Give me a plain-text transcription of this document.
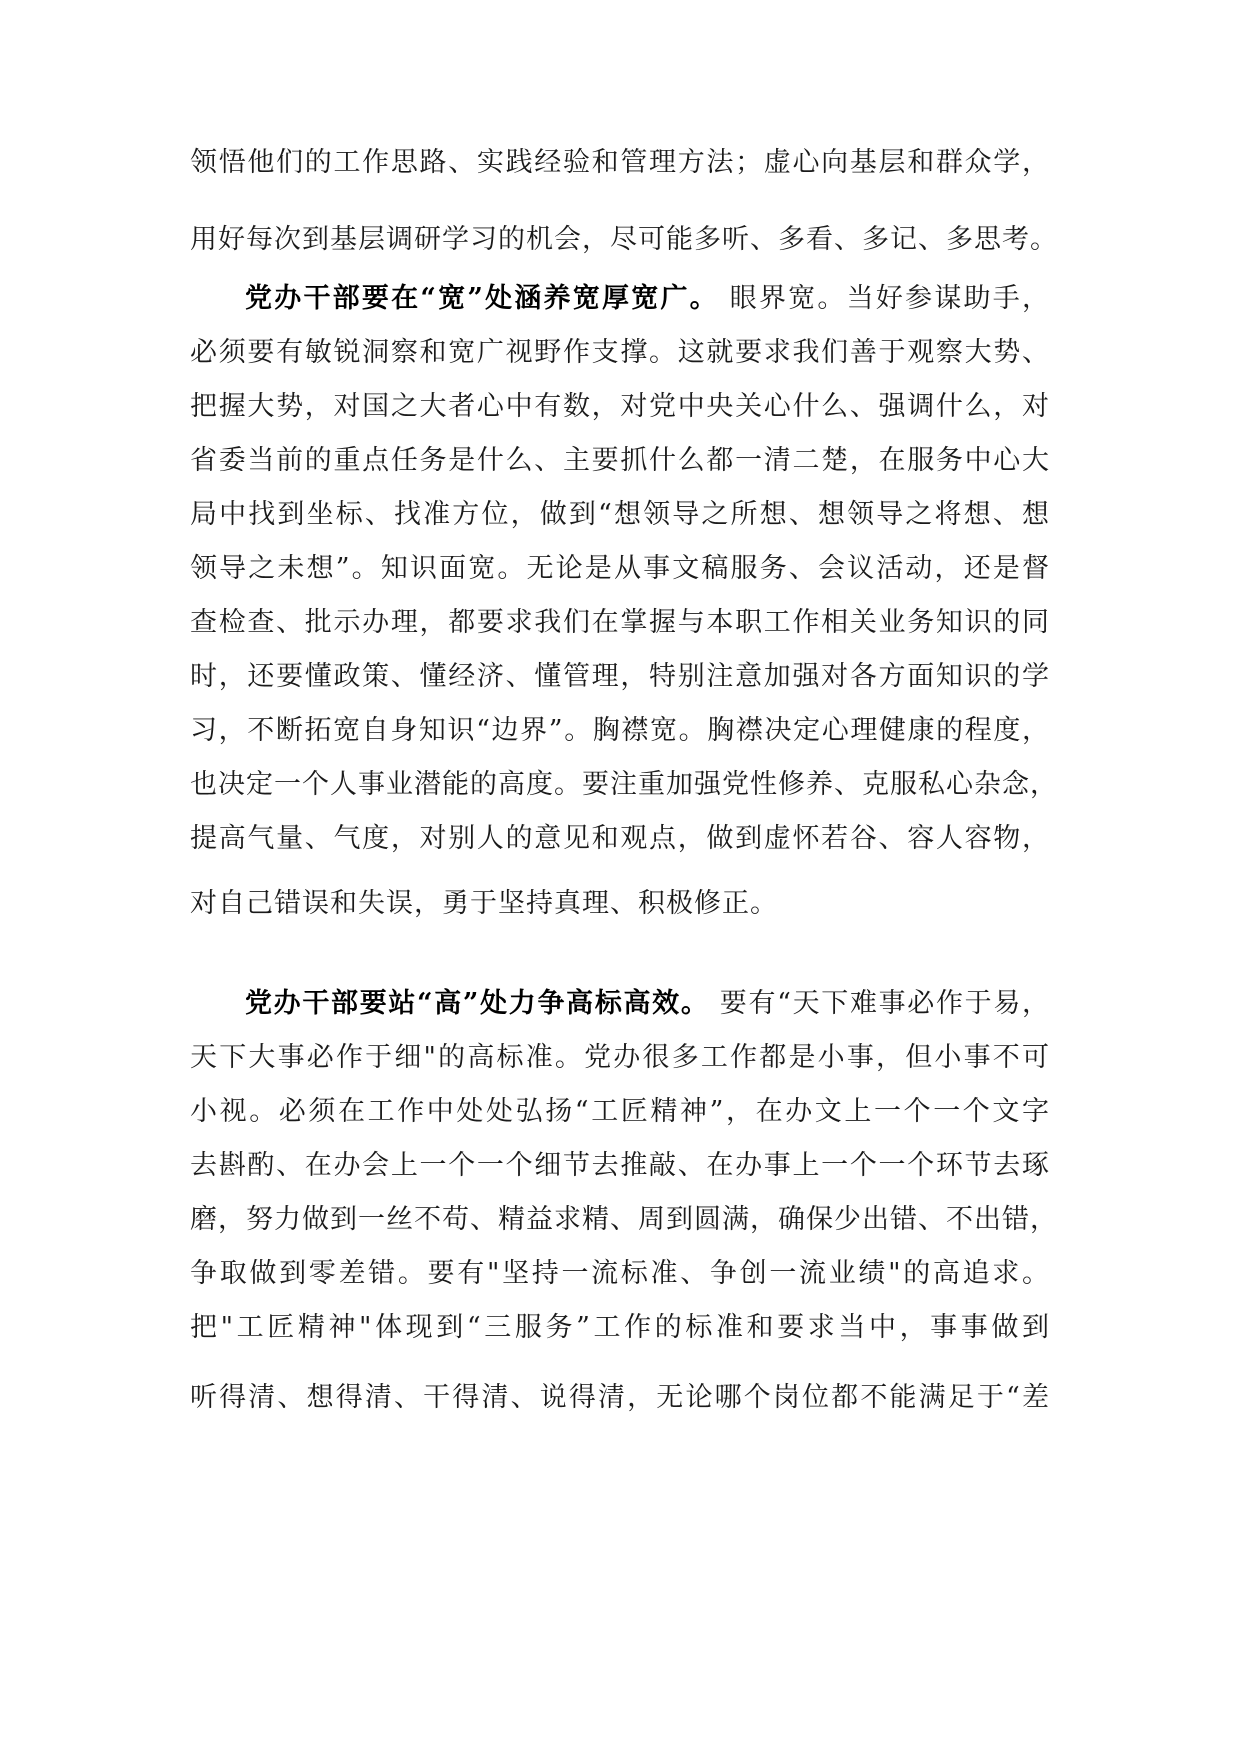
领悟他们的工作思路、实践经验和管理方法；虚心向基层和群众学，
用好每次到基层调研学习的机会，尽可能多听、多看、多记、多思考。
党办干部要在“宽”处涵养宽厚宽广。 眼界宽。当好参谋助手，
必须要有敏锐洞察和宽广视野作支撑。这就要求我们善于观察大势、
把握大势，对国之大者心中有数，对党中央关心什么、强调什么，对
省委当前的重点任务是什么、主要抓什么都一清二楚，在服务中心大
局中找到坐标、找准方位，做到“想领导之所想、想领导之将想、想
领导之未想”。知识面宽。无论是从事文稿服务、会议活动，还是督
查检查、批示办理，都要求我们在掌握与本职工作相关业务知识的同
时，还要懂政策、懂经济、懂管理，特别注意加强对各方面知识的学
习，不断拓宽自身知识“边界”。胸襟宽。胸襟决定心理健康的程度，
也决定一个人事业潜能的高度。要注重加强党性修养、克服私心杂念，
提高气量、气度，对别人的意见和观点，做到虚怀若谷、容人容物，
对自己错误和失误，勇于坚持真理、积极修正。
党办干部要站“高”处力争高标高效。 要有“天下难事必作于易，
天下大事必作于细"的高标准。党办很多工作都是小事，但小事不可
小视。必须在工作中处处弘扬“工匠精神”，在办文上一个一个文字
去斟酌、在办会上一个一个细节去推敲、在办事上一个一个环节去琢
磨，努力做到一丝不苟、精益求精、周到圆满，确保少出错、不出错，
争取做到零差错。要有"坚持一流标准、争创一流业绩"的高追求。
把"工匠精神"体现到“三服务”工作的标准和要求当中，事事做到
听得清、想得清、干得清、说得清，无论哪个岗位都不能满足于“差
